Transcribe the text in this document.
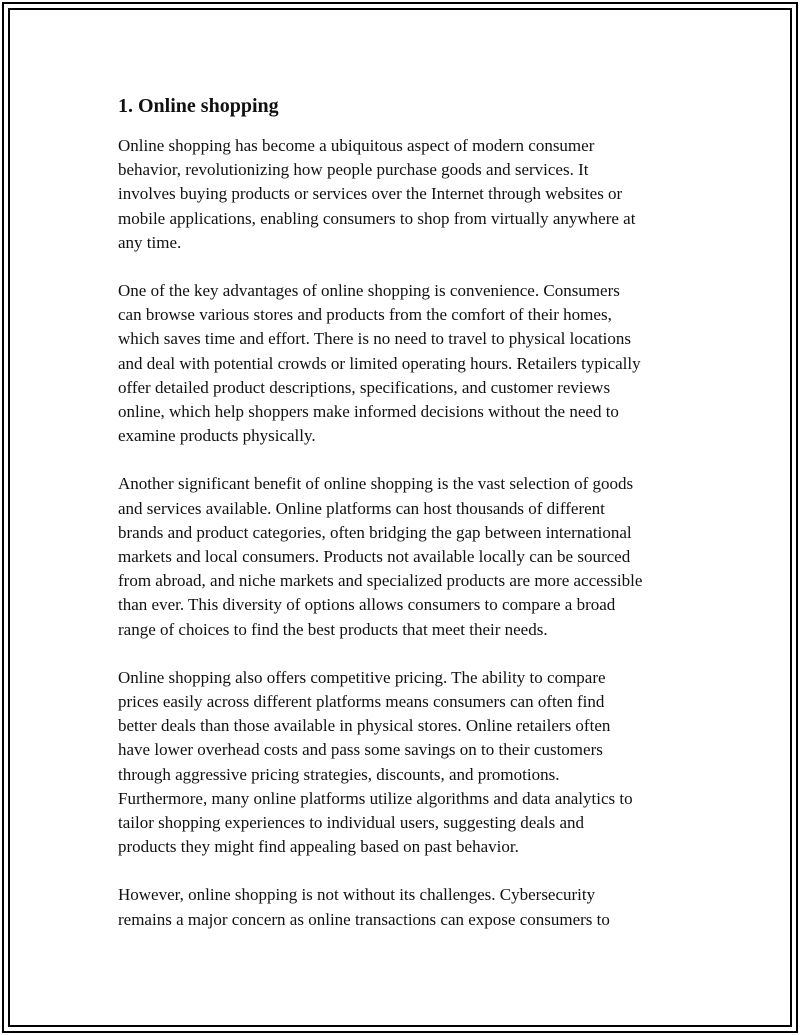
1. Online shopping

Online shopping has become a ubiquitous aspect of modern consumer
behavior, revolutionizing how people purchase goods and services. It
involves buying products or services over the Internet through websites or
mobile applications, enabling consumers to shop from virtually anywhere at
any time.

One of the key advantages of online shopping is convenience. Consumers
can browse various stores and products from the comfort of their homes,
which saves time and effort. There is no need to travel to physical locations
and deal with potential crowds or limited operating hours. Retailers typically
offer detailed product descriptions, specifications, and customer reviews
online, which help shoppers make informed decisions without the need to
examine products physically.

Another significant benefit of online shopping is the vast selection of goods
and services available. Online platforms can host thousands of different
brands and product categories, often bridging the gap between international
markets and local consumers. Products not available locally can be sourced
from abroad, and niche markets and specialized products are more accessible
than ever. This diversity of options allows consumers to compare a broad
range of choices to find the best products that meet their needs.

Online shopping also offers competitive pricing. The ability to compare
prices easily across different platforms means consumers can often find
better deals than those available in physical stores. Online retailers often
have lower overhead costs and pass some savings on to their customers
through aggressive pricing strategies, discounts, and promotions.
Furthermore, many online platforms utilize algorithms and data analytics to
tailor shopping experiences to individual users, suggesting deals and
products they might find appealing based on past behavior.

However, online shopping is not without its challenges. Cybersecurity
remains a major concern as online transactions can expose consumers to
